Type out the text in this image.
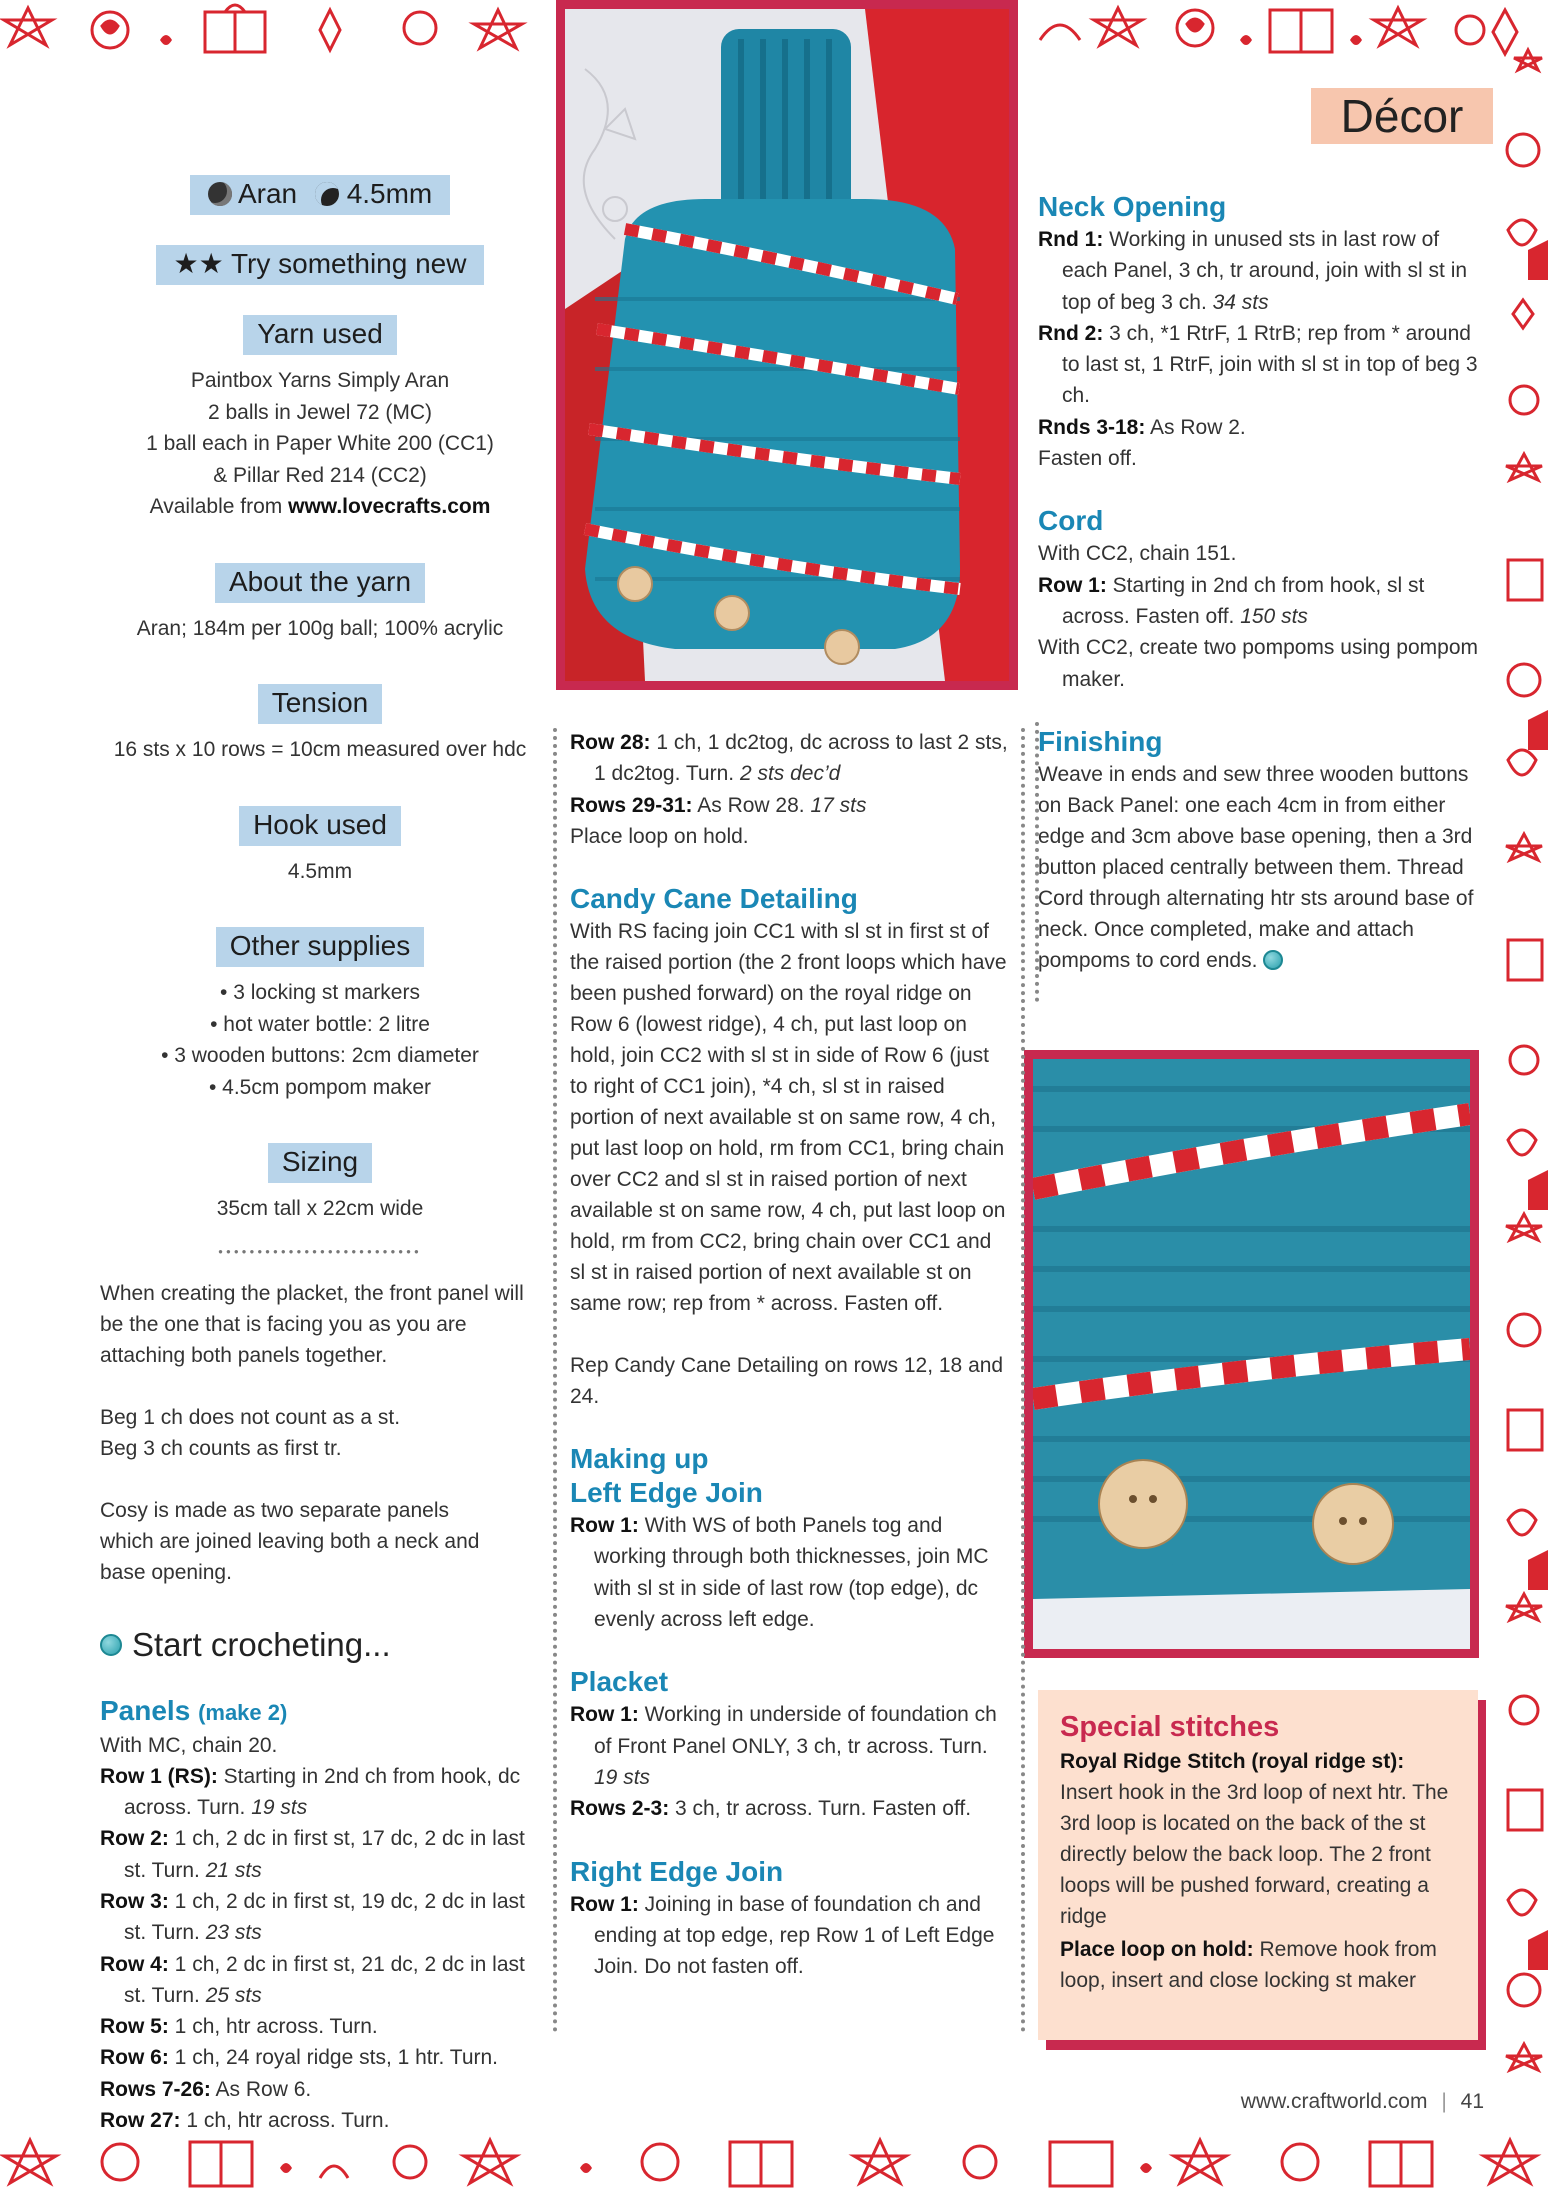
Décor
Aran 4.5mm
★★ Try something new
Yarn used
Paintbox Yarns Simply Aran
2 balls in Jewel 72 (MC)
1 ball each in Paper White 200 (CC1)
& Pillar Red 214 (CC2)
Available from www.lovecrafts.com
About the yarn
Aran; 184m per 100g ball; 100% acrylic
Tension
16 sts x 10 rows = 10cm measured over hdc
Hook used
4.5mm
Other supplies
• 3 locking st markers
• hot water bottle: 2 litre
• 3 wooden buttons: 2cm diameter
• 4.5cm pompom maker
Sizing
35cm tall x 22cm wide
●●●●●●●●●●●●●●●●●●●●●●●●●●
When creating the placket, the front panel will be the one that is facing you as you are attaching both panels together.
Beg 1 ch does not count as a st. Beg 3 ch counts as first tr.
Cosy is made as two separate panels which are joined leaving both a neck and base opening.
Start crocheting...
Panels (make 2)
With MC, chain 20.
Row 1 (RS): Starting in 2nd ch from hook, dc across. Turn. 19 sts
Row 2: 1 ch, 2 dc in first st, 17 dc, 2 dc in last st. Turn. 21 sts
Row 3: 1 ch, 2 dc in first st, 19 dc, 2 dc in last st. Turn. 23 sts
Row 4: 1 ch, 2 dc in first st, 21 dc, 2 dc in last st. Turn. 25 sts
Row 5: 1 ch, htr across. Turn.
Row 6: 1 ch, 24 royal ridge sts, 1 htr. Turn.
Rows 7-26: As Row 6.
Row 27: 1 ch, htr across. Turn.
Row 28: 1 ch, 1 dc2tog, dc across to last 2 sts, 1 dc2tog. Turn. 2 sts dec’d
Rows 29-31: As Row 28. 17 sts
Place loop on hold.
Candy Cane Detailing
With RS facing join CC1 with sl st in first st of the raised portion (the 2 front loops which have been pushed forward) on the royal ridge on Row 6 (lowest ridge), 4 ch, put last loop on hold, join CC2 with sl st in side of Row 6 (just to right of CC1 join), *4 ch, sl st in raised portion of next available st on same row, 4 ch, put last loop on hold, rm from CC1, bring chain over CC2 and sl st in raised portion of next available st on same row, 4 ch, put last loop on hold, rm from CC2, bring chain over CC1 and sl st in raised portion of next available st on same row; rep from * across. Fasten off.
Rep Candy Cane Detailing on rows 12, 18 and 24.
Making up
Left Edge Join
Row 1: With WS of both Panels tog and working through both thicknesses, join MC with sl st in side of last row (top edge), dc evenly across left edge.
Placket
Row 1: Working in underside of foundation ch of Front Panel ONLY, 3 ch, tr across. Turn. 19 sts
Rows 2-3: 3 ch, tr across. Turn. Fasten off.
Right Edge Join
Row 1: Joining in base of foundation ch and ending at top edge, rep Row 1 of Left Edge Join. Do not fasten off.
Neck Opening
Rnd 1: Working in unused sts in last row of each Panel, 3 ch, tr around, join with sl st in top of beg 3 ch. 34 sts
Rnd 2: 3 ch, *1 RtrF, 1 RtrB; rep from * around to last st, 1 RtrF, join with sl st in top of beg 3 ch.
Rnds 3-18: As Row 2.
Fasten off.
Cord
With CC2, chain 151.
Row 1: Starting in 2nd ch from hook, sl st across. Fasten off. 150 sts
With CC2, create two pompoms using pompom maker.
Finishing
Weave in ends and sew three wooden buttons on Back Panel: one each 4cm in from either edge and 3cm above base opening, then a 3rd button placed centrally between them. Thread Cord through alternating htr sts around base of neck. Once completed, make and attach pompoms to cord ends.
Special stitches
Royal Ridge Stitch (royal ridge st): Insert hook in the 3rd loop of next htr. The 3rd loop is located on the back of the st directly below the back loop. The 2 front loops will be pushed forward, creating a ridge
Place loop on hold: Remove hook from loop, insert and close locking st maker
www.craftworld.com | 41
